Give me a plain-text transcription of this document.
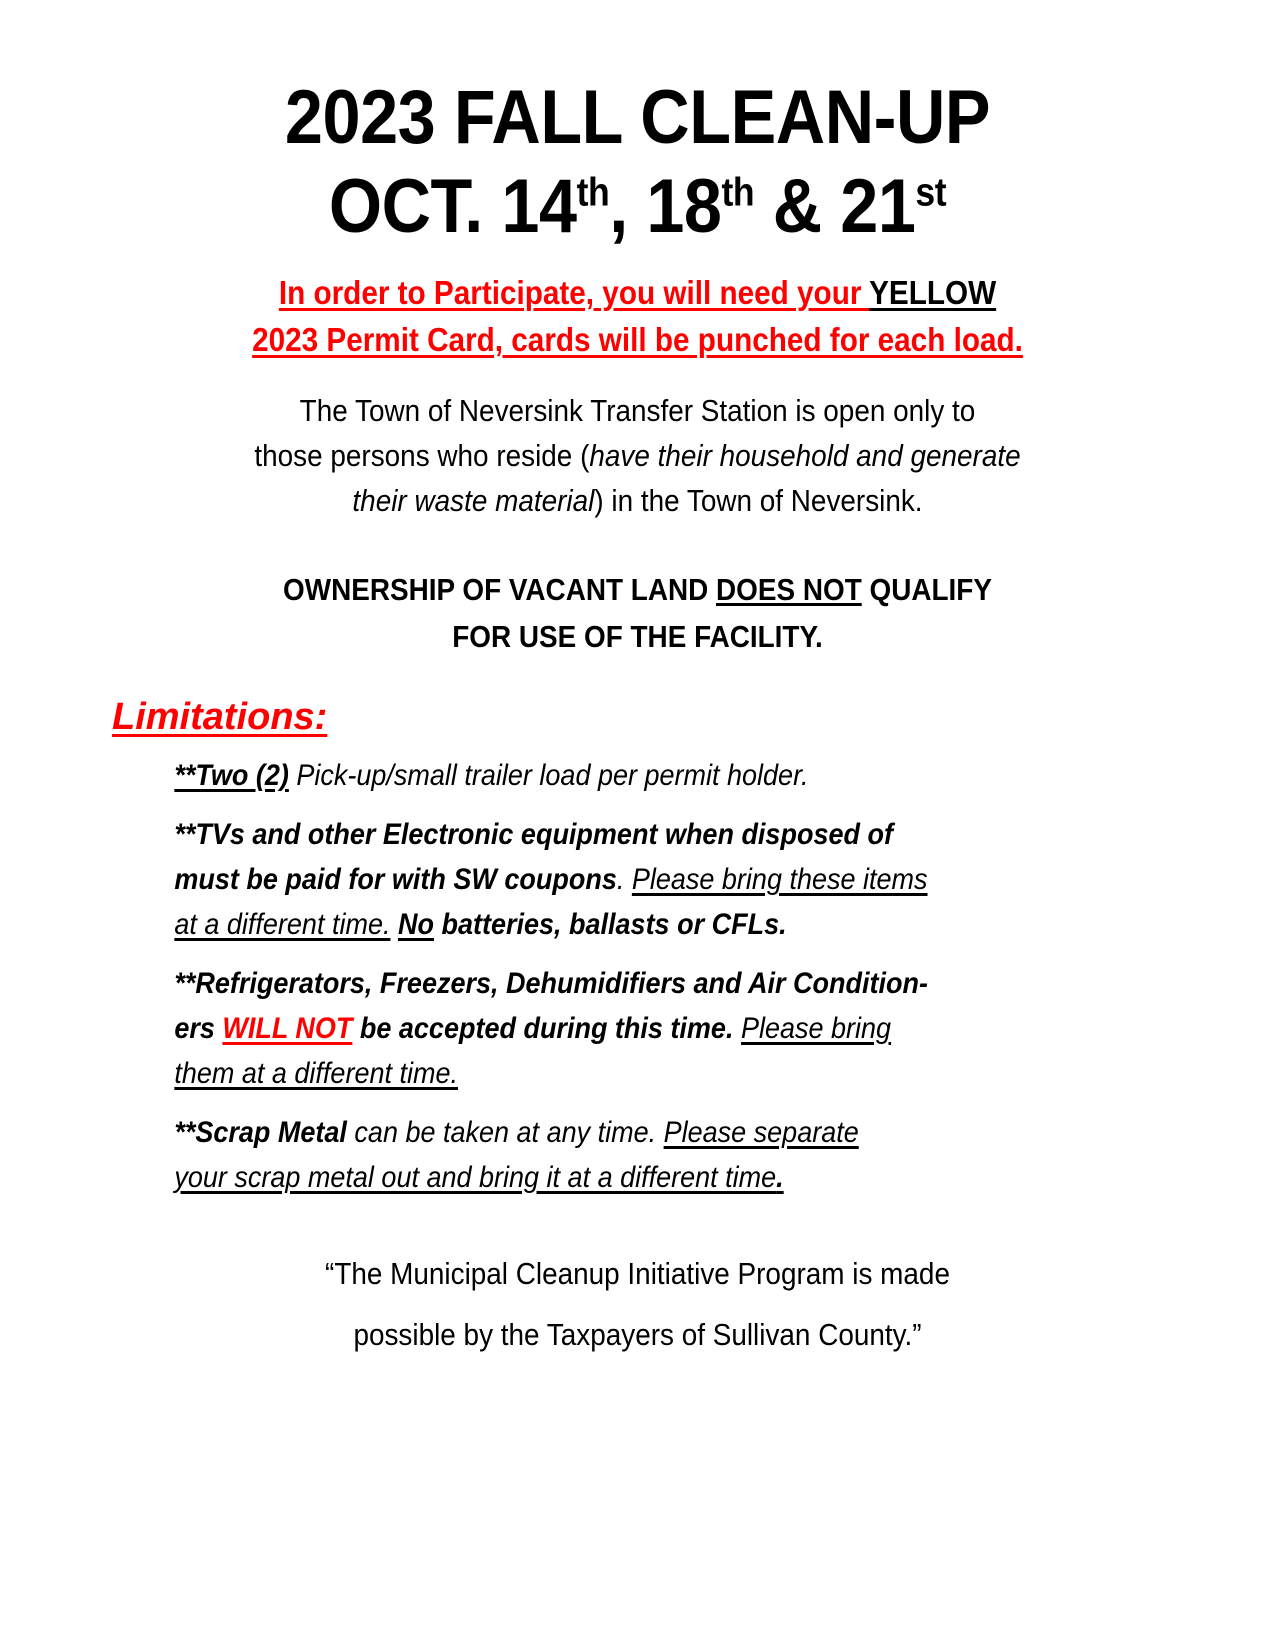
2023 FALL CLEAN-UP
OCT. 14th, 18th & 21st
In order to Participate, you will need your YELLOW
2023 Permit Card, cards will be punched for each load.
The Town of Neversink Transfer Station is open only to
those persons who reside (have their household and generate
their waste material) in the Town of Neversink.
OWNERSHIP OF VACANT LAND DOES NOT QUALIFY
FOR USE OF THE FACILITY.
Limitations:
**Two (2) Pick-up/small trailer load per permit holder.
**TVs and other Electronic equipment when disposed of
must be paid for with SW coupons. Please bring these items
at a different time. No batteries, ballasts or CFLs.
**Refrigerators, Freezers, Dehumidifiers and Air Condition-
ers WILL NOT be accepted during this time. Please bring
them at a different time.
**Scrap Metal can be taken at any time. Please separate
your scrap metal out and bring it at a different time.
“The Municipal Cleanup Initiative Program is made
possible by the Taxpayers of Sullivan County.”
